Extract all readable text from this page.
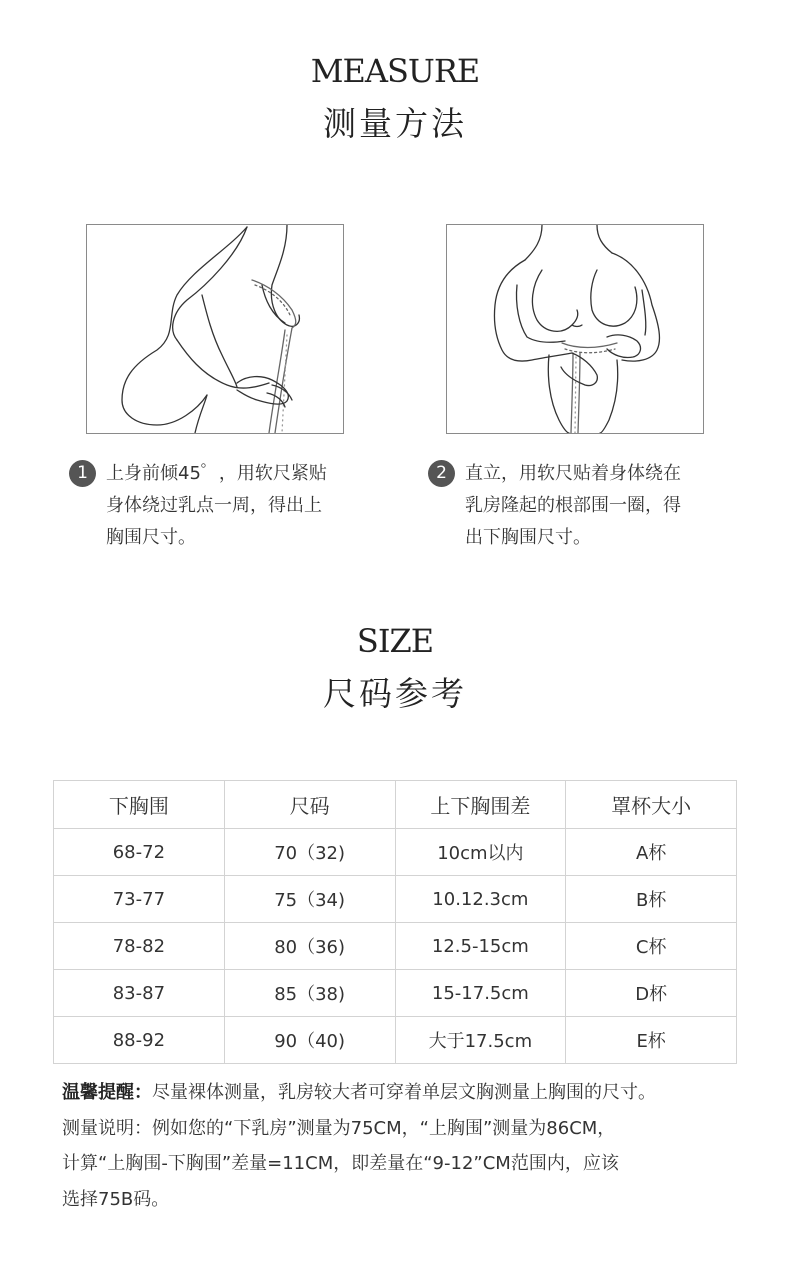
MEASURE
测量方法
1	上身前倾45゜，用软尺紧贴
身体绕过乳点一周，得出上
胸围尺寸。
2	直立，用软尺贴着身体绕在
乳房隆起的根部围一圈，得
出下胸围尺寸。
SIZE
尺码参考
下胸围	尺码	上下胸围差	罩杯大小
68-72	70（32)	10cm以内	A杯
73-77	75（34)	10.12.3cm	B杯
78-82	80（36)	12.5-15cm	C杯
83-87	85（38)	15-17.5cm	D杯
88-92	90（40)	大于17.5cm	E杯

温馨提醒：尽量裸体测量，乳房较大者可穿着单层文胸测量上胸围的尺寸。

测量说明：例如您的“下乳房”测量为75CM，“上胸围”测量为86CM，

计算“上胸围-下胸围”差量=11CM，即差量在“9-12”CM范围内，应该

选择75B码。
